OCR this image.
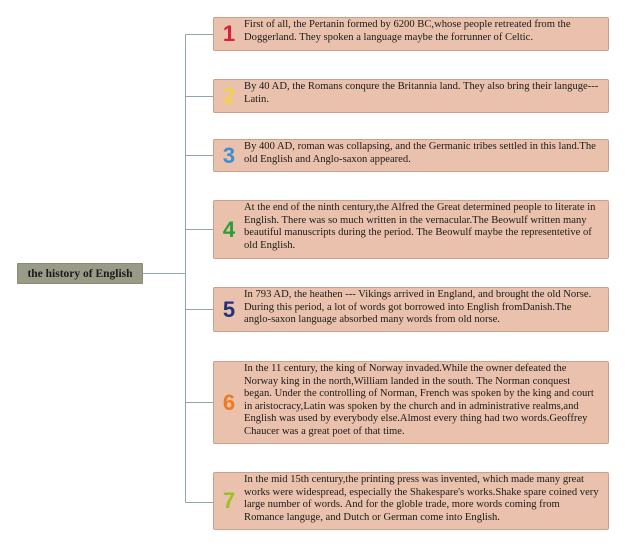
the history of English
1 First of all, the Pertanin formed by 6200 BC,whose people retreated from the Doggerland. They spoken a language maybe the forrunner of Celtic.
2 By 40 AD, the Romans conqure the Britannia land. They also bring their languge--- Latin.
3 By 400 AD, roman was collapsing, and the Germanic tribes settled in this land.The old English and Anglo-saxon appeared.
4
At the end of the ninth century,the Alfred the Great determined people to literate in English. There was so much written in the vernacular.The Beowulf written many beautiful manuscripts during the period. The Beowulf maybe the representetive of old English.
5
In 793 AD, the heathen --- Vikings arrived in England, and brought the old Norse. During this period, a lot of words got borrowed into English fromDanish.The anglo-saxon language absorbed many words from old norse.
6
In the 11 century, the king of Norway invaded.While the owner defeated the Norway king in the north,William landed in the south. The Norman conquest began. Under the controlling of Norman, French was spoken by the king and court in aristocracy,Latin was spoken by the church and in administrative realms,and English was used by everybody else.Almost every thing had two words.Geoffrey Chaucer was a great poet of that time.
7
In the mid 15th century,the printing press was invented, which made many great works were widespread, especially the Shakespare's works.Shake spare coined very large number of words. And for the globle trade, more words coming from Romance languge, and Dutch or German come into English.
